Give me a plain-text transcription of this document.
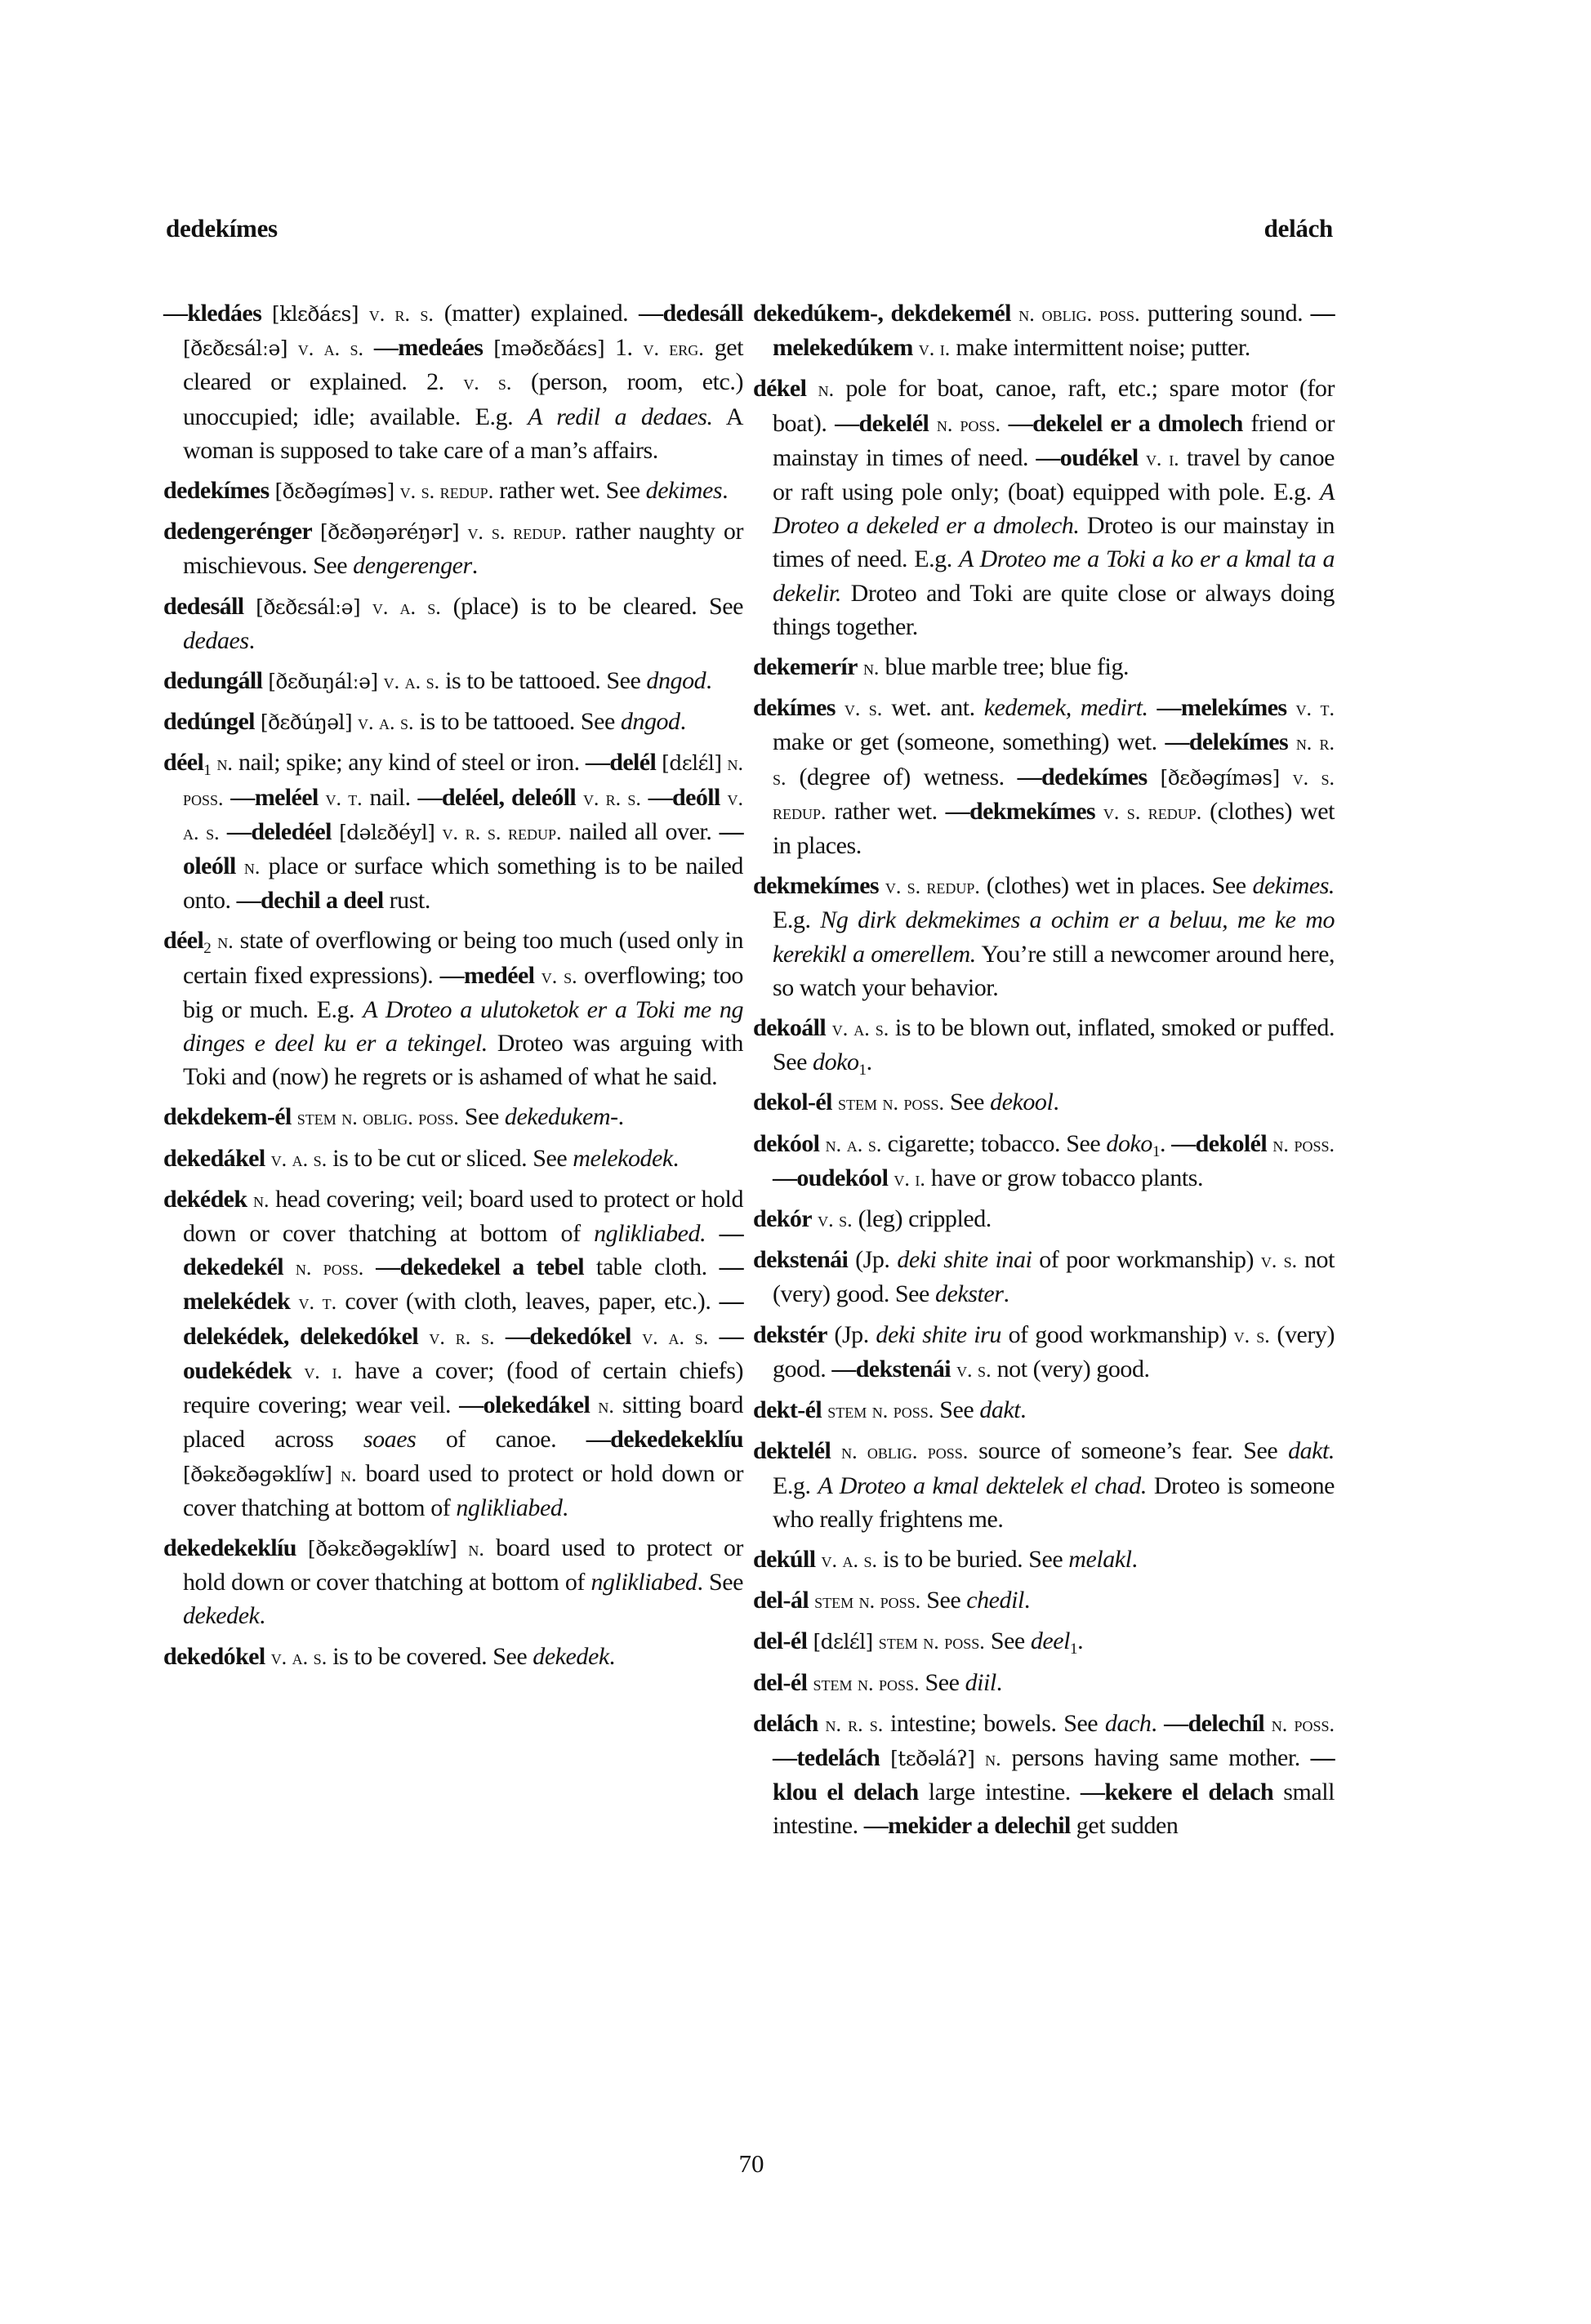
dedekímes	delách
—kledáes [klɛðáɛs] v. r. s. (matter) explained. —dedesáll [ðɛðɛsálːə] v. a. s. —medeáes [məðɛðáɛs] 1. v. erg. get cleared or explained. 2. v. s. (person, room, etc.) unoccupied; idle; available. E.g. A redil a dedaes. A woman is supposed to take care of a man’s affairs.
dedekímes [ðɛðəgíməs] v. s. redup. rather wet. See dekimes.
dedengerénger [ðɛðəŋəréŋər] v. s. redup. rather naughty or mischievous. See dengerenger.
dedesáll [ðɛðɛsálːə] v. a. s. (place) is to be cleared. See dedaes.
dedungáll [ðɛðuŋálːə] v. a. s. is to be tattooed. See dngod.
dedúngel [ðɛðúŋəl] v. a. s. is to be tattooed. See dngod.
déel$_1$ n. nail; spike; any kind of steel or iron. —delél [dɛlɛ́l] n. poss. —meléel v. t. nail. —deléel, deleóll v. r. s. —deóll v. a. s. —deledéel [dəlɛðéyl] v. r. s. redup. nailed all over. —oleóll n. place or surface which something is to be nailed onto. —dechil a deel rust.
déel$_2$ n. state of overflowing or being too much (used only in certain fixed expressions). —medéel v. s. overflowing; too big or much. E.g. A Droteo a ulutoketok er a Toki me ng dinges e deel ku er a tekingel. Droteo was arguing with Toki and (now) he regrets or is ashamed of what he said.
dekdekem-él stem n. oblig. poss. See dekedukem-.
dekedákel v. a. s. is to be cut or sliced. See melekodek.
dekédek n. head covering; veil; board used to protect or hold down or cover thatching at bottom of nglikliabed. —dekedekél n. poss. —dekedekel a tebel table cloth. —melekédek v. t. cover (with cloth, leaves, paper, etc.). —delekédek, delekedókel v. r. s. —dekedókel v. a. s. —oudekédek v. i. have a cover; (food of certain chiefs) require covering; wear veil. —olekedákel n. sitting board placed across soaes of canoe. —dekedekeklíu [ðəkɛðəgəklíw] n. board used to protect or hold down or cover thatching at bottom of nglikliabed.
dekedekeklíu [ðəkɛðəgəklíw] n. board used to protect or hold down or cover thatching at bottom of nglikliabed. See dekedek.
dekedókel v. a. s. is to be covered. See dekedek.
dekedúkem-, dekdekemél n. oblig. poss. puttering sound. —melekedúkem v. i. make intermittent noise; putter.
dékel n. pole for boat, canoe, raft, etc.; spare motor (for boat). —dekelél n. poss. —dekelel er a dmolech friend or mainstay in times of need. —oudékel v. i. travel by canoe or raft using pole only; (boat) equipped with pole. E.g. A Droteo a dekeled er a dmolech. Droteo is our mainstay in times of need. E.g. A Droteo me a Toki a ko er a kmal ta a dekelir. Droteo and Toki are quite close or always doing things together.
dekemerír n. blue marble tree; blue fig.
dekímes v. s. wet. ant. kedemek, medirt. —melekímes v. t. make or get (someone, something) wet. —delekímes n. r. s. (degree of) wetness. —dedekímes [ðɛðəgíməs] v. s. redup. rather wet. —dekmekímes v. s. redup. (clothes) wet in places.
dekmekímes v. s. redup. (clothes) wet in places. See dekimes. E.g. Ng dirk dekmekimes a ochim er a beluu, me ke mo kerekikl a omerellem. You’re still a newcomer around here, so watch your behavior.
dekoáll v. a. s. is to be blown out, inflated, smoked or puffed. See doko$_1$.
dekol-él stem n. poss. See dekool.
dekóol n. a. s. cigarette; tobacco. See doko$_1$. —dekolél n. poss. —oudekóol v. i. have or grow tobacco plants.
dekór v. s. (leg) crippled.
dekstenái (Jp. deki shite inai of poor workmanship) v. s. not (very) good. See dekster.
dekstér (Jp. deki shite iru of good workmanship) v. s. (very) good. —dekstenái v. s. not (very) good.
dekt-él stem n. poss. See dakt.
dektelél n. oblig. poss. source of someone’s fear. See dakt. E.g. A Droteo a kmal dektelek el chad. Droteo is someone who really frightens me.
dekúll v. a. s. is to be buried. See melakl.
del-ál stem n. poss. See chedil.
del-él [dɛlɛ́l] stem n. poss. See deel$_1$.
del-él stem n. poss. See diil.
delách n. r. s. intestine; bowels. See dach. —delechíl n. poss. —tedelách [tɛðəláʔ] n. persons having same mother. —klou el delach large intestine. —kekere el delach small intestine. —mekider a delechil get sudden
70
